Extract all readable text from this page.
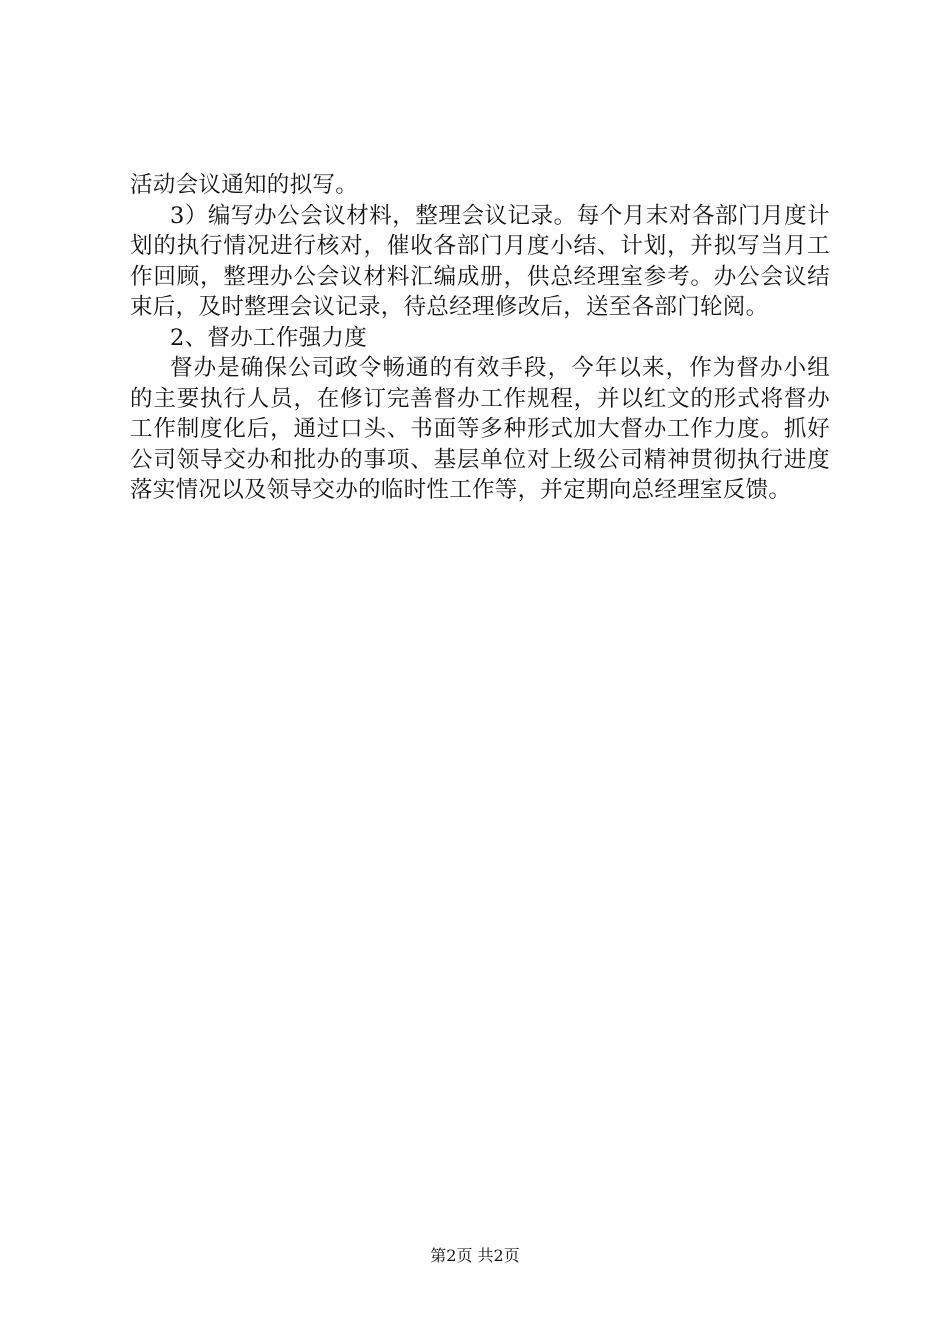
活动会议通知的拟写。

3）编写办公会议材料，整理会议记录。每个月末对各部门月度计划的执行情况进行核对，催收各部门月度小结、计划，并拟写当月工作回顾，整理办公会议材料汇编成册，供总经理室参考。办公会议结束后，及时整理会议记录，待总经理修改后，送至各部门轮阅。

2、督办工作强力度

督办是确保公司政令畅通的有效手段，今年以来，作为督办小组的主要执行人员，在修订完善督办工作规程，并以红文的形式将督办工作制度化后，通过口头、书面等多种形式加大督办工作力度。抓好公司领导交办和批办的事项、基层单位对上级公司精神贯彻执行进度落实情况以及领导交办的临时性工作等，并定期向总经理室反馈。

第2页 共2页
